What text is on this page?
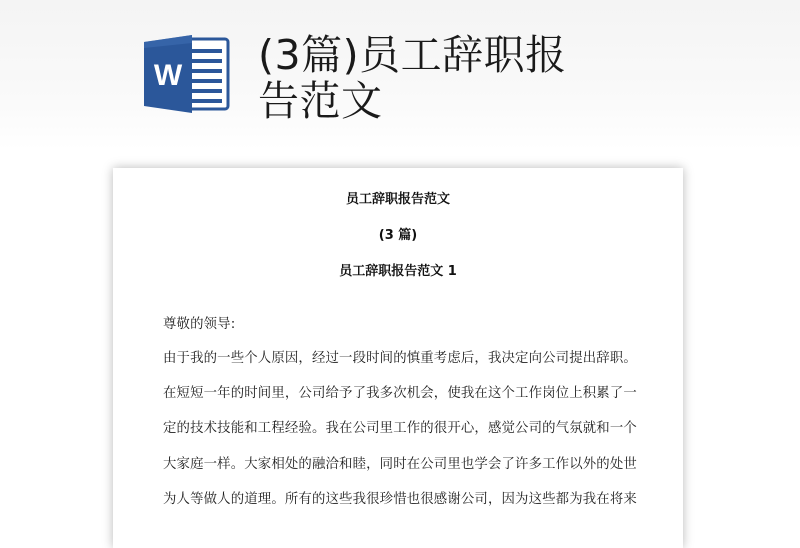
W (3篇)员工辞职报
告范文

员工辞职报告范文

(3 篇)

员工辞职报告范文 1

尊敬的领导:

由于我的一些个人原因，经过一段时间的慎重考虑后，我决定向公司提出辞职。

在短短一年的时间里，公司给予了我多次机会，使我在这个工作岗位上积累了一

定的技术技能和工程经验。我在公司里工作的很开心，感觉公司的气氛就和一个

大家庭一样。大家相处的融洽和睦，同时在公司里也学会了许多工作以外的处世

为人等做人的道理。所有的这些我很珍惜也很感谢公司，因为这些都为我在将来
